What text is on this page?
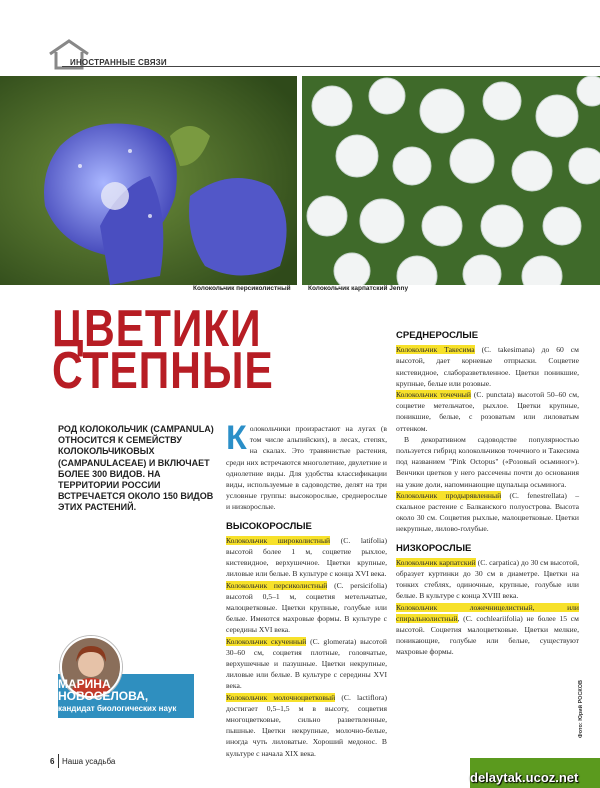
ИНОСТРАННЫЕ СВЯЗИ
Колокольчик персиколистный	Колокольчик карпатский Jenny
ЦВЕТИКИ
СТЕПНЫЕ
РОД КОЛОКОЛЬЧИК (CAMPANULA) ОТНОСИТСЯ К СЕМЕЙСТВУ КОЛОКОЛЬЧИКОВЫХ (CAMPANULACEAE) И ВКЛЮЧАЕТ БОЛЕЕ 300 ВИДОВ. НА ТЕРРИТОРИИ РОССИИ ВСТРЕЧАЕТСЯ ОКОЛО 150 ВИДОВ ЭТИХ РАСТЕНИЙ.

Колокольчики произрастают на лугах (в том числе альпийских), в лесах, степях, на скалах. Это травянистые растения, среди них встречаются многолетние, двулетние и однолетние виды. Для удобства классификации виды, используемые в садоводстве, делят на три условные группы: высокорослые, среднерослые и низкорослые.

ВЫСОКОРОСЛЫЕ

Колокольчик широколистный (C. latifolia) высотой более 1 м, соцветие рыхлое, кистевидное, верхушечное. Цветки крупные, лиловые или белые. В культуре с конца XVI века.

Колокольчик персиколистный (C. persicifolia) высотой 0,5–1 м, соцветия метельчатые, малоцветковые. Цветки крупные, голубые или белые. Имеются махровые формы. В культуре с середины XVI века.

Колокольчик скученный (C. glomerata) высотой 30–60 см, соцветия плотные, головчатые, верхушечные и пазушные. Цветки некрупные, лиловые или белые. В культуре с середины XVI века.

Колокольчик молочноцветковый (C. lactiflora) достигает 0,5–1,5 м в высоту, соцветия многоцветковые, сильно разветвленные, пышные. Цветки некрупные, молочно-белые, иногда чуть лиловатые. Хороший медонос. В культуре с начала XIX века.

СРЕДНЕРОСЛЫЕ

Колокольчик Такесима (C. takesimana) до 60 см высотой, дает корневые отпрыски. Соцветие кистевидное, слаборазветвленное. Цветки поникшие, крупные, белые или розовые.

Колокольчик точечный (C. punctata) высотой 50–60 см, соцветие метельчатое, рыхлое. Цветки крупные, поникшие, белые, с розоватым или лиловатым оттенком.

В декоративном садоводстве популярностью пользуется гибрид колокольчиков точечного и Такесима под названием "Pink Octopus" («Розовый осьминог»). Венчики цветков у него рассечены почти до основания на узкие доли, напоминающие щупальца осьминога.

Колокольчик продырявленный (C. fenestrellata) – скальное растение с Балканского полуострова. Высота около 30 см. Соцветия рыхлые, малоцветковые. Цветки некрупные, лилово-голубые.

НИЗКОРОСЛЫЕ

Колокольчик карпатский (C. carpatica) до 30 см высотой, образует куртинки до 30 см в диаметре. Цветки на тонких стеблях, одиночные, крупные, голубые или белые. В культуре с конца XVIII века.

Колокольчик ложечницелистный, или спиральнолистный, (C. cochleariifolia) не более 15 см высотой. Соцветия малоцветковые. Цветки мелкие, поникающие, голубые или белые, существуют махровые формы.

МАРИНА
НОВОСЕЛОВА,
кандидат биологических наук
6 Наша усадьба
delaytak.ucoz.net
Фото: Юрий РОСКОВ
